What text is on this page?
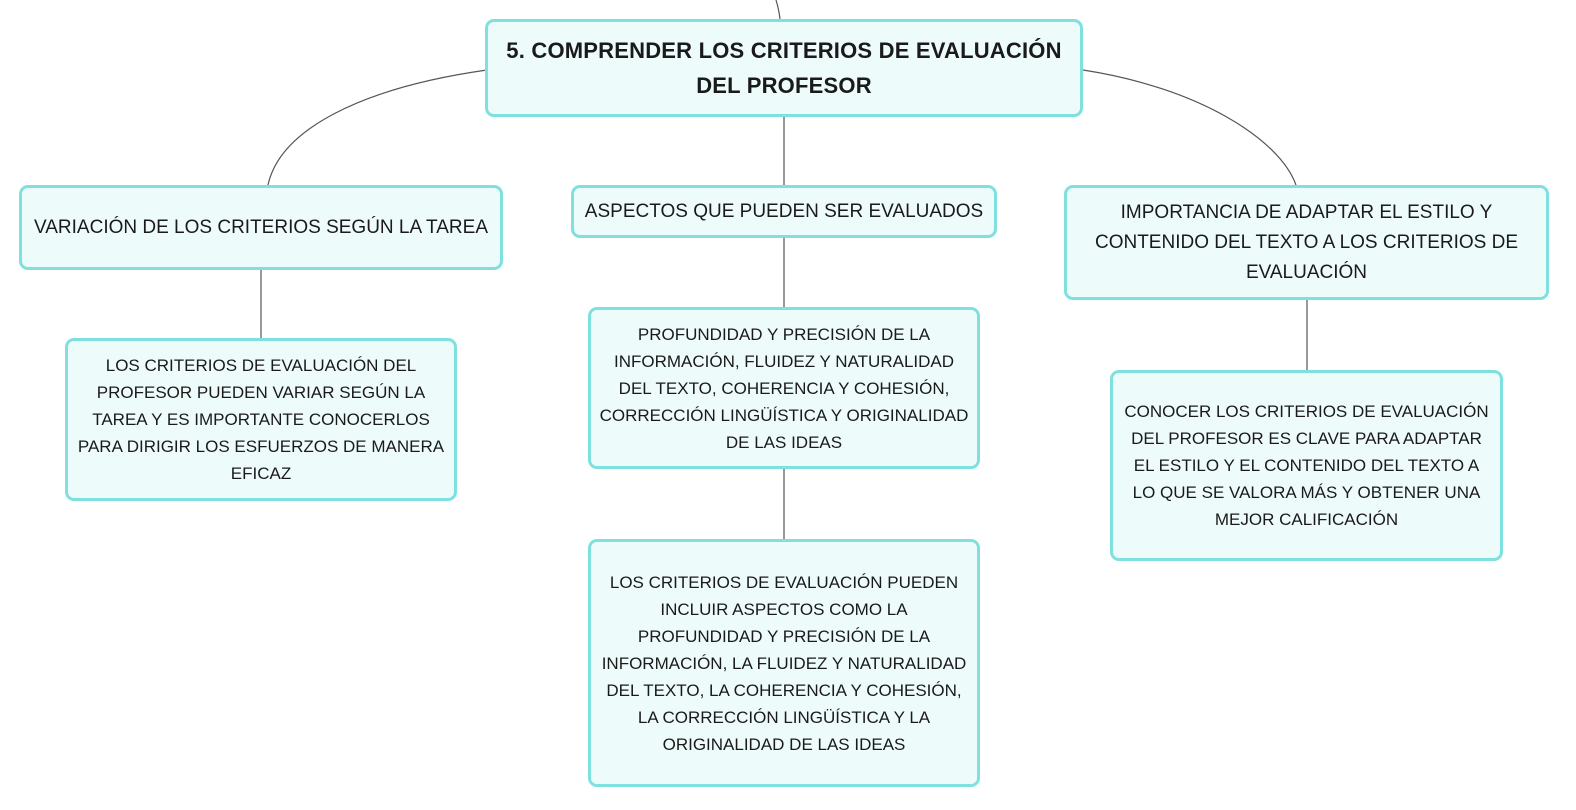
5. COMPRENDER LOS CRITERIOS DE EVALUACIÓN DEL PROFESOR
VARIACIÓN DE LOS CRITERIOS SEGÚN LA TAREA
LOS CRITERIOS DE EVALUACIÓN DEL PROFESOR PUEDEN VARIAR SEGÚN LA TAREA Y ES IMPORTANTE CONOCERLOS PARA DIRIGIR LOS ESFUERZOS DE MANERA EFICAZ
ASPECTOS QUE PUEDEN SER EVALUADOS
PROFUNDIDAD Y PRECISIÓN DE LA INFORMACIÓN, FLUIDEZ Y NATURALIDAD DEL TEXTO, COHERENCIA Y COHESIÓN, CORRECCIÓN LINGÜÍSTICA Y ORIGINALIDAD DE LAS IDEAS
LOS CRITERIOS DE EVALUACIÓN PUEDEN INCLUIR ASPECTOS COMO LA PROFUNDIDAD Y PRECISIÓN DE LA INFORMACIÓN, LA FLUIDEZ Y NATURALIDAD DEL TEXTO, LA COHERENCIA Y COHESIÓN, LA CORRECCIÓN LINGÜÍSTICA Y LA ORIGINALIDAD DE LAS IDEAS
IMPORTANCIA DE ADAPTAR EL ESTILO Y CONTENIDO DEL TEXTO A LOS CRITERIOS DE EVALUACIÓN
CONOCER LOS CRITERIOS DE EVALUACIÓN DEL PROFESOR ES CLAVE PARA ADAPTAR EL ESTILO Y EL CONTENIDO DEL TEXTO A LO QUE SE VALORA MÁS Y OBTENER UNA MEJOR CALIFICACIÓN
